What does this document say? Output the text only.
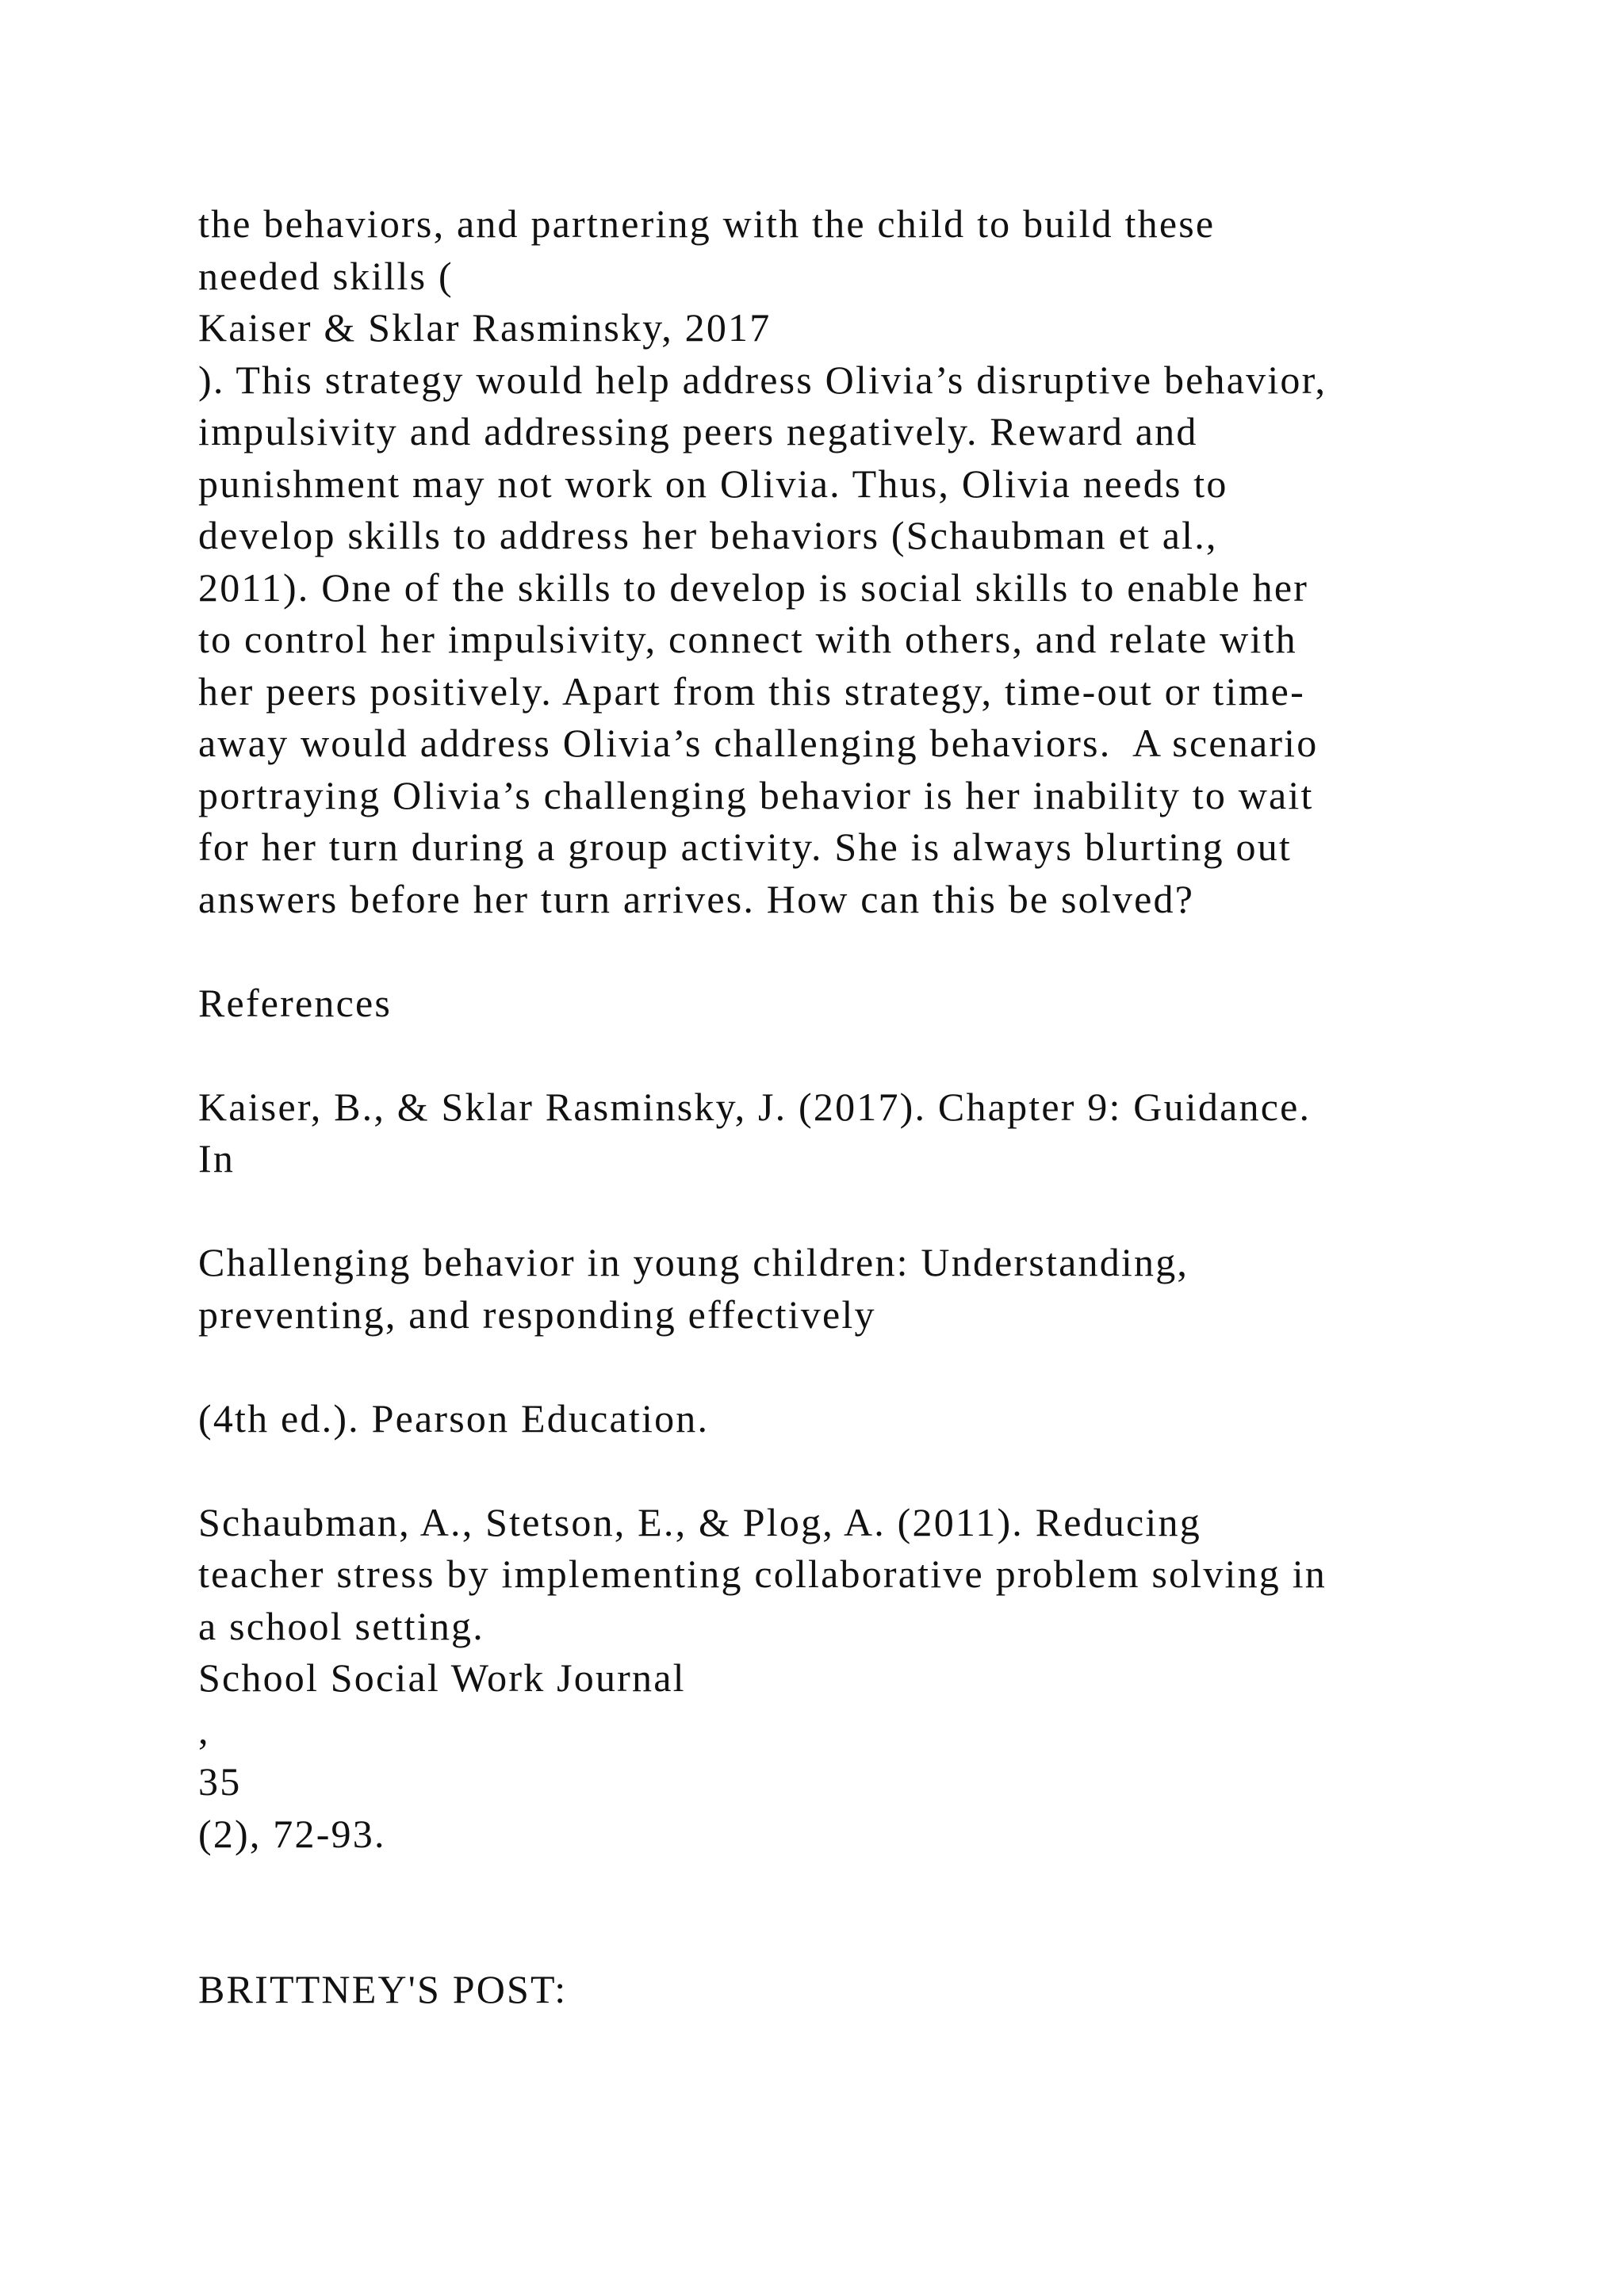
the behaviors, and partnering with the child to build these
needed skills (
Kaiser & Sklar Rasminsky, 2017
). This strategy would help address Olivia’s disruptive behavior,
impulsivity and addressing peers negatively. Reward and
punishment may not work on Olivia. Thus, Olivia needs to
develop skills to address her behaviors (Schaubman et al.,
2011). One of the skills to develop is social skills to enable her
to control her impulsivity, connect with others, and relate with
her peers positively. Apart from this strategy, time-out or time-
away would address Olivia’s challenging behaviors.  A scenario
portraying Olivia’s challenging behavior is her inability to wait
for her turn during a group activity. She is always blurting out
answers before her turn arrives. How can this be solved?
References
Kaiser, B., & Sklar Rasminsky, J. (2017). Chapter 9: Guidance.
In
Challenging behavior in young children: Understanding,
preventing, and responding effectively
(4th ed.). Pearson Education.
Schaubman, A., Stetson, E., & Plog, A. (2011). Reducing
teacher stress by implementing collaborative problem solving in
a school setting.
School Social Work Journal
,
35
(2), 72-93.
BRITTNEY'S POST:
